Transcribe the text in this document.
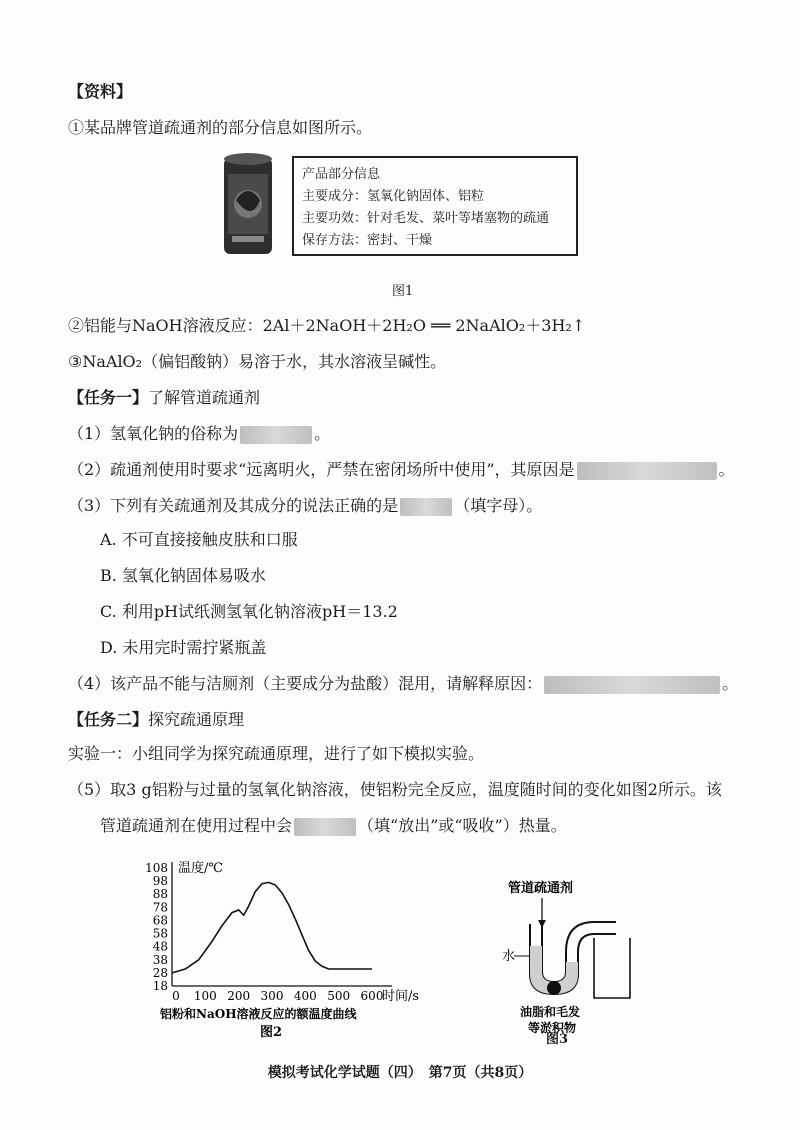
【资料】
①某品牌管道疏通剂的部分信息如图所示。
产品部分信息
主要成分：氢氧化钠固体、铝粒
主要功效：针对毛发、菜叶等堵塞物的疏通
保存方法：密封、干燥
图1
②铝能与NaOH溶液反应：2Al＋2NaOH＋2H₂O ══ 2NaAlO₂＋3H₂↑
③NaAlO₂（偏铝酸钠）易溶于水，其水溶液呈碱性。
【任务一】了解管道疏通剂
（1）氢氧化钠的俗称为	。
（2）疏通剂使用时要求“远离明火，严禁在密闭场所中使用”，其原因是	。
（3）下列有关疏通剂及其成分的说法正确的是	（填字母）。
A. 不可直接接触皮肤和口服
B. 氢氧化钠固体易吸水
C. 利用pH试纸测氢氧化钠溶液pH＝13.2
D. 未用完时需拧紧瓶盖
（4）该产品不能与洁厕剂（主要成分为盐酸）混用，请解释原因：	。
【任务二】探究疏通原理
实验一：小组同学为探究疏通原理，进行了如下模拟实验。
（5）取3 g铝粉与过量的氢氧化钠溶液，使铝粉完全反应，温度随时间的变化如图2所示。该
管道疏通剂在使用过程中会	（填“放出”或“吸收”）热量。
18
28
38
48
58
68
78
88
98
108
0 100 200 300 400 500 600
温度/℃
时间/s
铝粉和NaOH溶液反应的额温度曲线
图2
管道疏通剂
水
油脂和毛发
等淤积物
图3
模拟考试化学试题（四）　第7页（共8页）
